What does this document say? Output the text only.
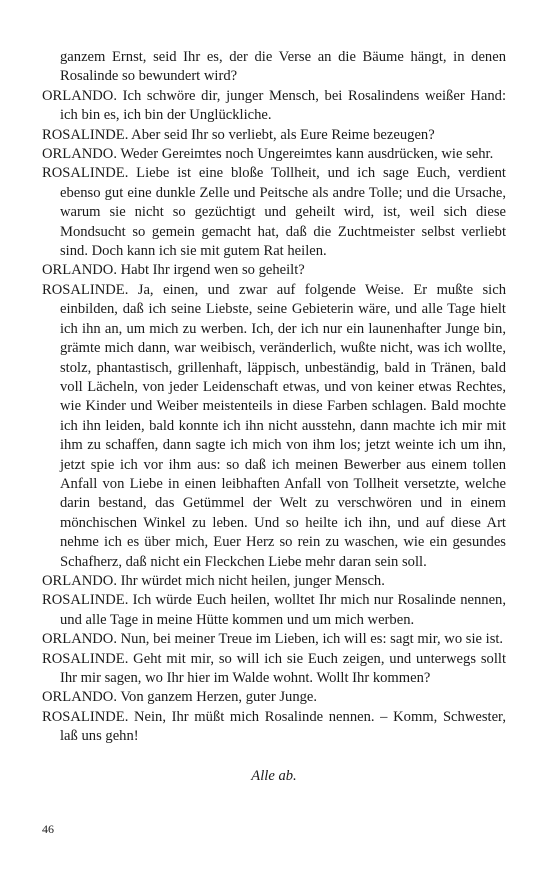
ganzem Ernst, seid Ihr es, der die Verse an die Bäume hängt, in denen Rosalinde so bewundert wird?

ORLANDO. Ich schwöre dir, junger Mensch, bei Rosalindens weißer Hand: ich bin es, ich bin der Unglückliche.

ROSALINDE. Aber seid Ihr so verliebt, als Eure Reime bezeugen?

ORLANDO. Weder Gereimtes noch Ungereimtes kann ausdrücken, wie sehr.

ROSALINDE. Liebe ist eine bloße Tollheit, und ich sage Euch, verdient ebenso gut eine dunkle Zelle und Peitsche als andre Tolle; und die Ursache, warum sie nicht so gezüchtigt und geheilt wird, ist, weil sich diese Mondsucht so gemein gemacht hat, daß die Zuchtmeister selbst verliebt sind. Doch kann ich sie mit gutem Rat heilen.

ORLANDO. Habt Ihr irgend wen so geheilt?

ROSALINDE. Ja, einen, und zwar auf folgende Weise. Er mußte sich einbilden, daß ich seine Liebste, seine Gebieterin wäre, und alle Tage hielt ich ihn an, um mich zu werben. Ich, der ich nur ein launenhafter Junge bin, grämte mich dann, war weibisch, veränderlich, wußte nicht, was ich wollte, stolz, phantastisch, grillenhaft, läppisch, unbeständig, bald in Tränen, bald voll Lächeln, von jeder Leidenschaft etwas, und von keiner etwas Rechtes, wie Kinder und Weiber meistenteils in diese Farben schlagen. Bald mochte ich ihn leiden, bald konnte ich ihn nicht ausstehn, dann machte ich mir mit ihm zu schaffen, dann sagte ich mich von ihm los; jetzt weinte ich um ihn, jetzt spie ich vor ihm aus: so daß ich meinen Bewerber aus einem tollen Anfall von Liebe in einen leibhaften Anfall von Tollheit versetzte, welche darin bestand, das Getümmel der Welt zu verschwören und in einem mönchischen Winkel zu leben. Und so heilte ich ihn, und auf diese Art nehme ich es über mich, Euer Herz so rein zu waschen, wie ein gesundes Schafherz, daß nicht ein Fleckchen Liebe mehr daran sein soll.

ORLANDO. Ihr würdet mich nicht heilen, junger Mensch.

ROSALINDE. Ich würde Euch heilen, wolltet Ihr mich nur Rosalinde nennen, und alle Tage in meine Hütte kommen und um mich werben.

ORLANDO. Nun, bei meiner Treue im Lieben, ich will es: sagt mir, wo sie ist.

ROSALINDE. Geht mit mir, so will ich sie Euch zeigen, und unterwegs sollt Ihr mir sagen, wo Ihr hier im Walde wohnt. Wollt Ihr kommen?

ORLANDO. Von ganzem Herzen, guter Junge.

ROSALINDE. Nein, Ihr müßt mich Rosalinde nennen. – Komm, Schwester, laß uns gehn!

Alle ab.

46
